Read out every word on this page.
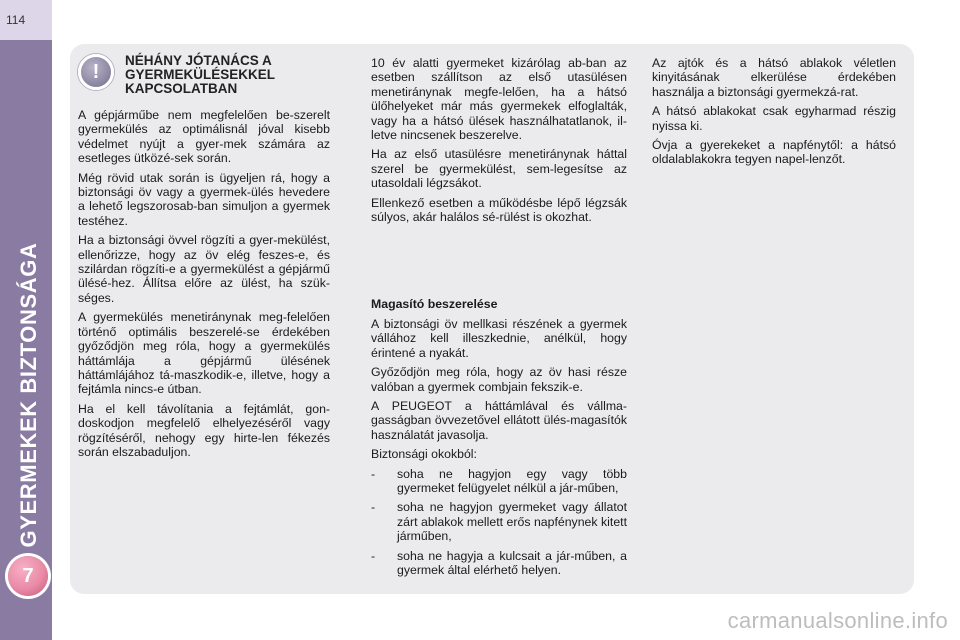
114
GYERMEKEK BIZTONSÁGA
7
! NÉHÁNY JÓTANÁCS A GYERMEKÜLÉSEKKEL KAPCSOLATBAN

A gépjárműbe nem megfelelően be-szerelt gyermekülés az optimálisnál jóval kisebb védelmet nyújt a gyer-mek számára az esetleges ütközé-sek során.

Még rövid utak során is ügyeljen rá, hogy a biztonsági öv vagy a gyermek-ülés hevedere a lehető legszorosab-ban simuljon a gyermek testéhez.

Ha a biztonsági övvel rögzíti a gyer-mekülést, ellenőrizze, hogy az öv elég feszes-e, és szilárdan rögzíti-e a gyermekülést a gépjármű ülésé-hez. Állítsa előre az ülést, ha szük-séges.

A gyermekülés menetiránynak meg-felelően történő optimális beszerelé-se érdekében győződjön meg róla, hogy a gyermekülés háttámlája a gépjármű ülésének háttámlájához tá-maszkodik-e, illetve, hogy a fejtámla nincs-e útban.

Ha el kell távolítania a fejtámlát, gon-doskodjon megfelelő elhelyezéséről vagy rögzítéséről, nehogy egy hirte-len fékezés során elszabaduljon.

10 év alatti gyermeket kizárólag ab-ban az esetben szállítson az első utasülésen menetiránynak megfe-lelően, ha a hátsó ülőhelyeket már más gyermekek elfoglalták, vagy ha a hátsó ülések használhatatlanok, il-letve nincsenek beszerelve.

Ha az első utasülésre menetiránynak háttal szerel be gyermekülést, sem-legesítse az utasoldali légzsákot.

Ellenkező esetben a működésbe lépő légzsák súlyos, akár halálos sé-rülést is okozhat.

Magasító beszerelése

A biztonsági öv mellkasi részének a gyermek vállához kell illeszkednie, anélkül, hogy érintené a nyakát.

Győződjön meg róla, hogy az öv hasi része valóban a gyermek combjain fekszik-e.

A PEUGEOT a háttámlával és vállma-gasságban övvezetővel ellátott ülés-magasítók használatát javasolja.

Biztonsági okokból:

-	soha ne hagyjon egy vagy több gyermeket felügyelet nélkül a jár-műben,
-	soha ne hagyjon gyermeket vagy állatot zárt ablakok mellett erős napfénynek kitett járműben,
-	soha ne hagyja a kulcsait a jár-műben, a gyermek által elérhető helyen.

Az ajtók és a hátsó ablakok véletlen kinyitásának elkerülése érdekében használja a biztonsági gyermekzá-rat.

A hátsó ablakokat csak egyharmad részig nyissa ki.

Óvja a gyerekeket a napfénytől: a hátsó oldalablakokra tegyen napel-lenzőt.

carmanualsonline.info
